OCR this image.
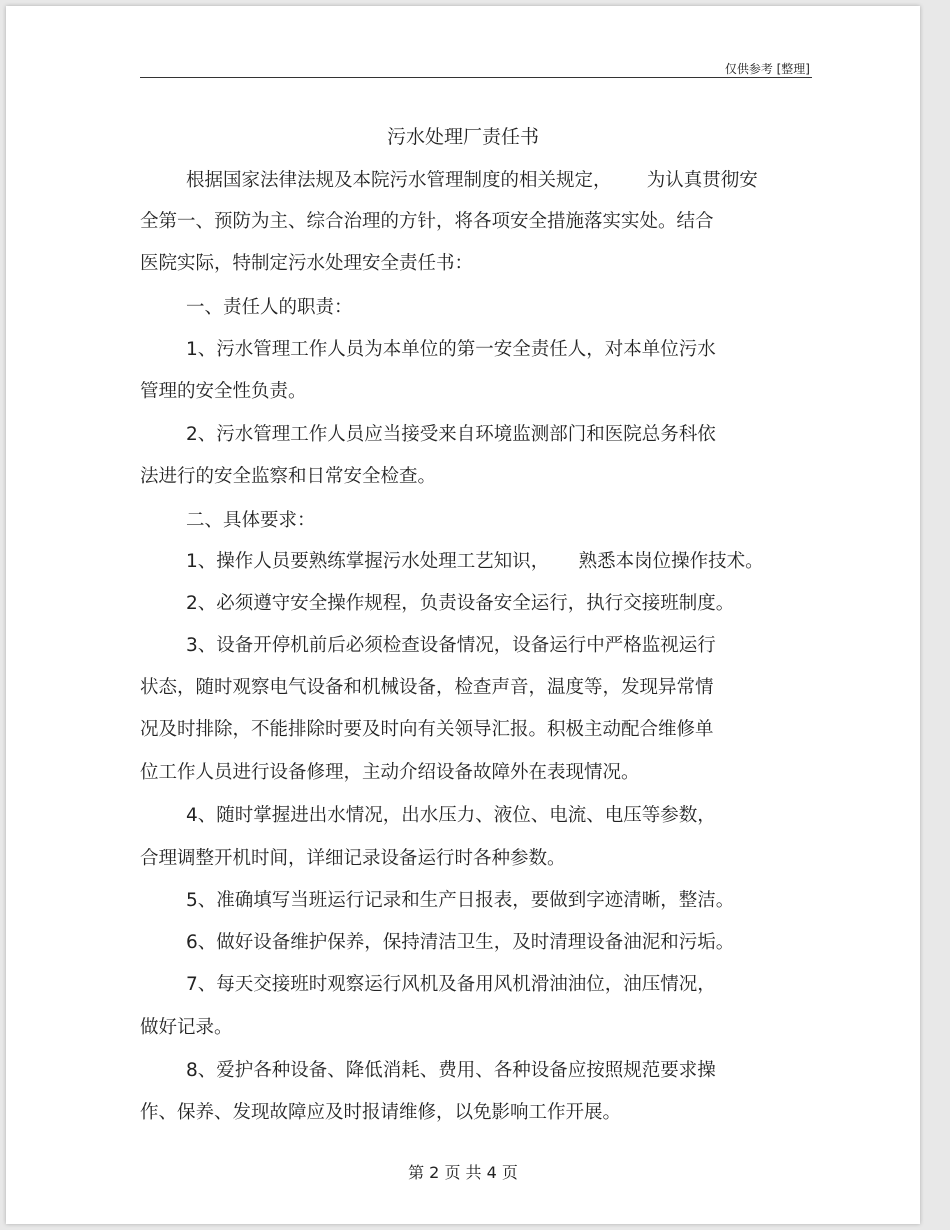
仅供参考 [整理]
污水处理厂责任书
根据国家法律法规及本院污水管理制度的相关规定，      为认真贯彻安
全第一、预防为主、综合治理的方针，将各项安全措施落实实处。结合
医院实际，特制定污水处理安全责任书：
一、责任人的职责：
1、污水管理工作人员为本单位的第一安全责任人，对本单位污水
管理的安全性负责。
2、污水管理工作人员应当接受来自环境监测部门和医院总务科依
法进行的安全监察和日常安全检查。
二、具体要求：
1、操作人员要熟练掌握污水处理工艺知识，     熟悉本岗位操作技术。
2、必须遵守安全操作规程，负责设备安全运行，执行交接班制度。
3、设备开停机前后必须检查设备情况，设备运行中严格监视运行
状态，随时观察电气设备和机械设备，检查声音，温度等，发现异常情
况及时排除，不能排除时要及时向有关领导汇报。积极主动配合维修单
位工作人员进行设备修理，主动介绍设备故障外在表现情况。
4、随时掌握进出水情况，出水压力、液位、电流、电压等参数，
合理调整开机时间，详细记录设备运行时各种参数。
5、准确填写当班运行记录和生产日报表，要做到字迹清晰，整洁。
6、做好设备维护保养，保持清洁卫生，及时清理设备油泥和污垢。
7、每天交接班时观察运行风机及备用风机滑油油位，油压情况，
做好记录。
8、爱护各种设备、降低消耗、费用、各种设备应按照规范要求操
作、保养、发现故障应及时报请维修，以免影响工作开展。
第 2 页 共 4 页
